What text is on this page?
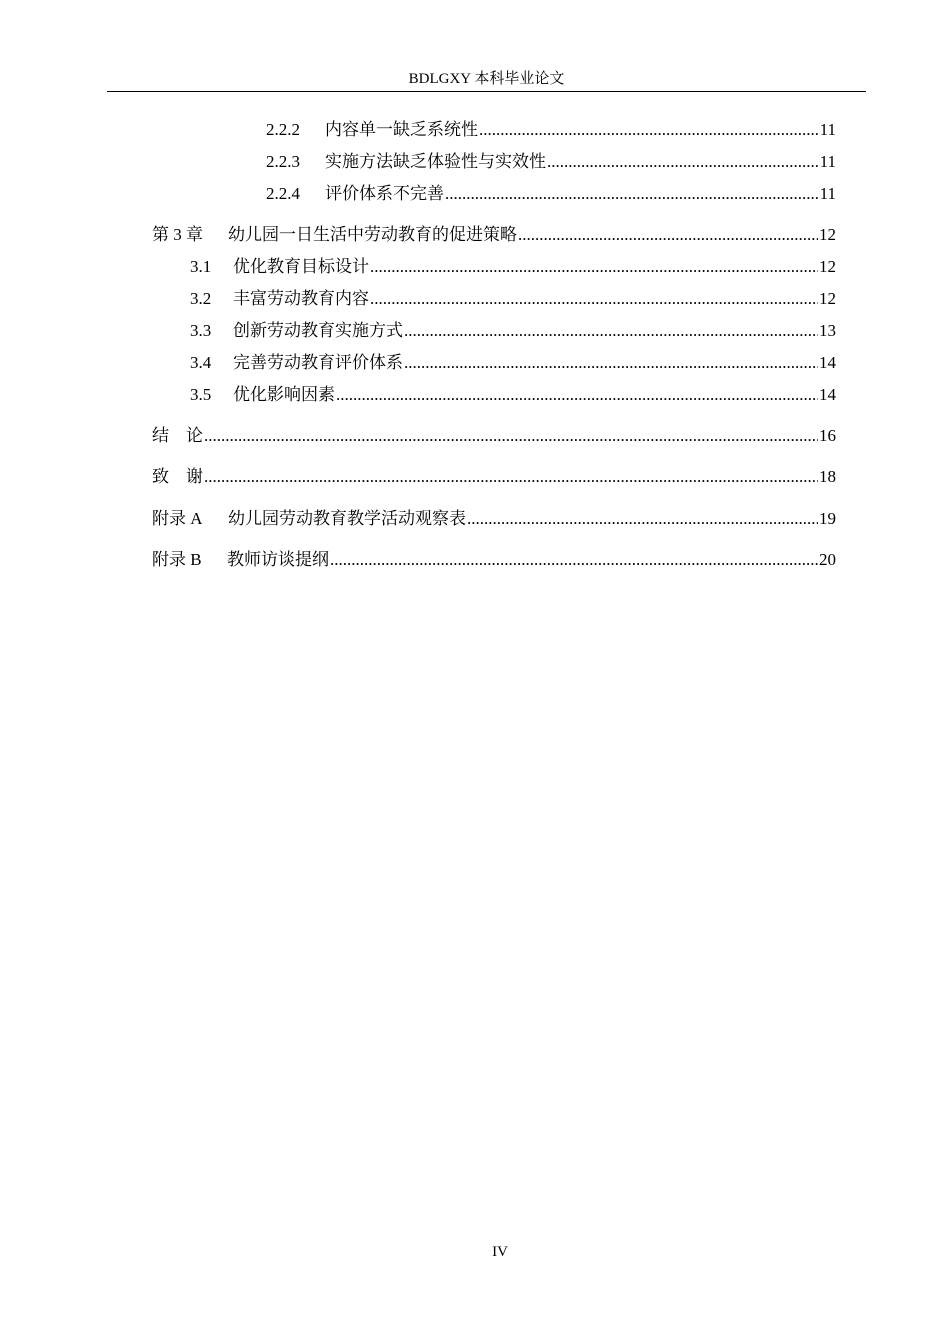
BDLGXY 本科毕业论文
2.2.2	内容单一缺乏系统性 .....	11
2.2.3	实施方法缺乏体验性与实效性 .....	11
2.2.4	评价体系不完善 .....	11
第 3 章	幼儿园一日生活中劳动教育的促进策略 .....	12
3.1	优化教育目标设计 .....	12
3.2	丰富劳动教育内容 .....	12
3.3	创新劳动教育实施方式 .....	13
3.4	完善劳动教育评价体系 .....	14
3.5	优化影响因素 .....	14
结　论 .....	16
致　谢 .....	18
附录 A	幼儿园劳动教育教学活动观察表 .....	19
附录 B	教师访谈提纲 .....	20
IV
